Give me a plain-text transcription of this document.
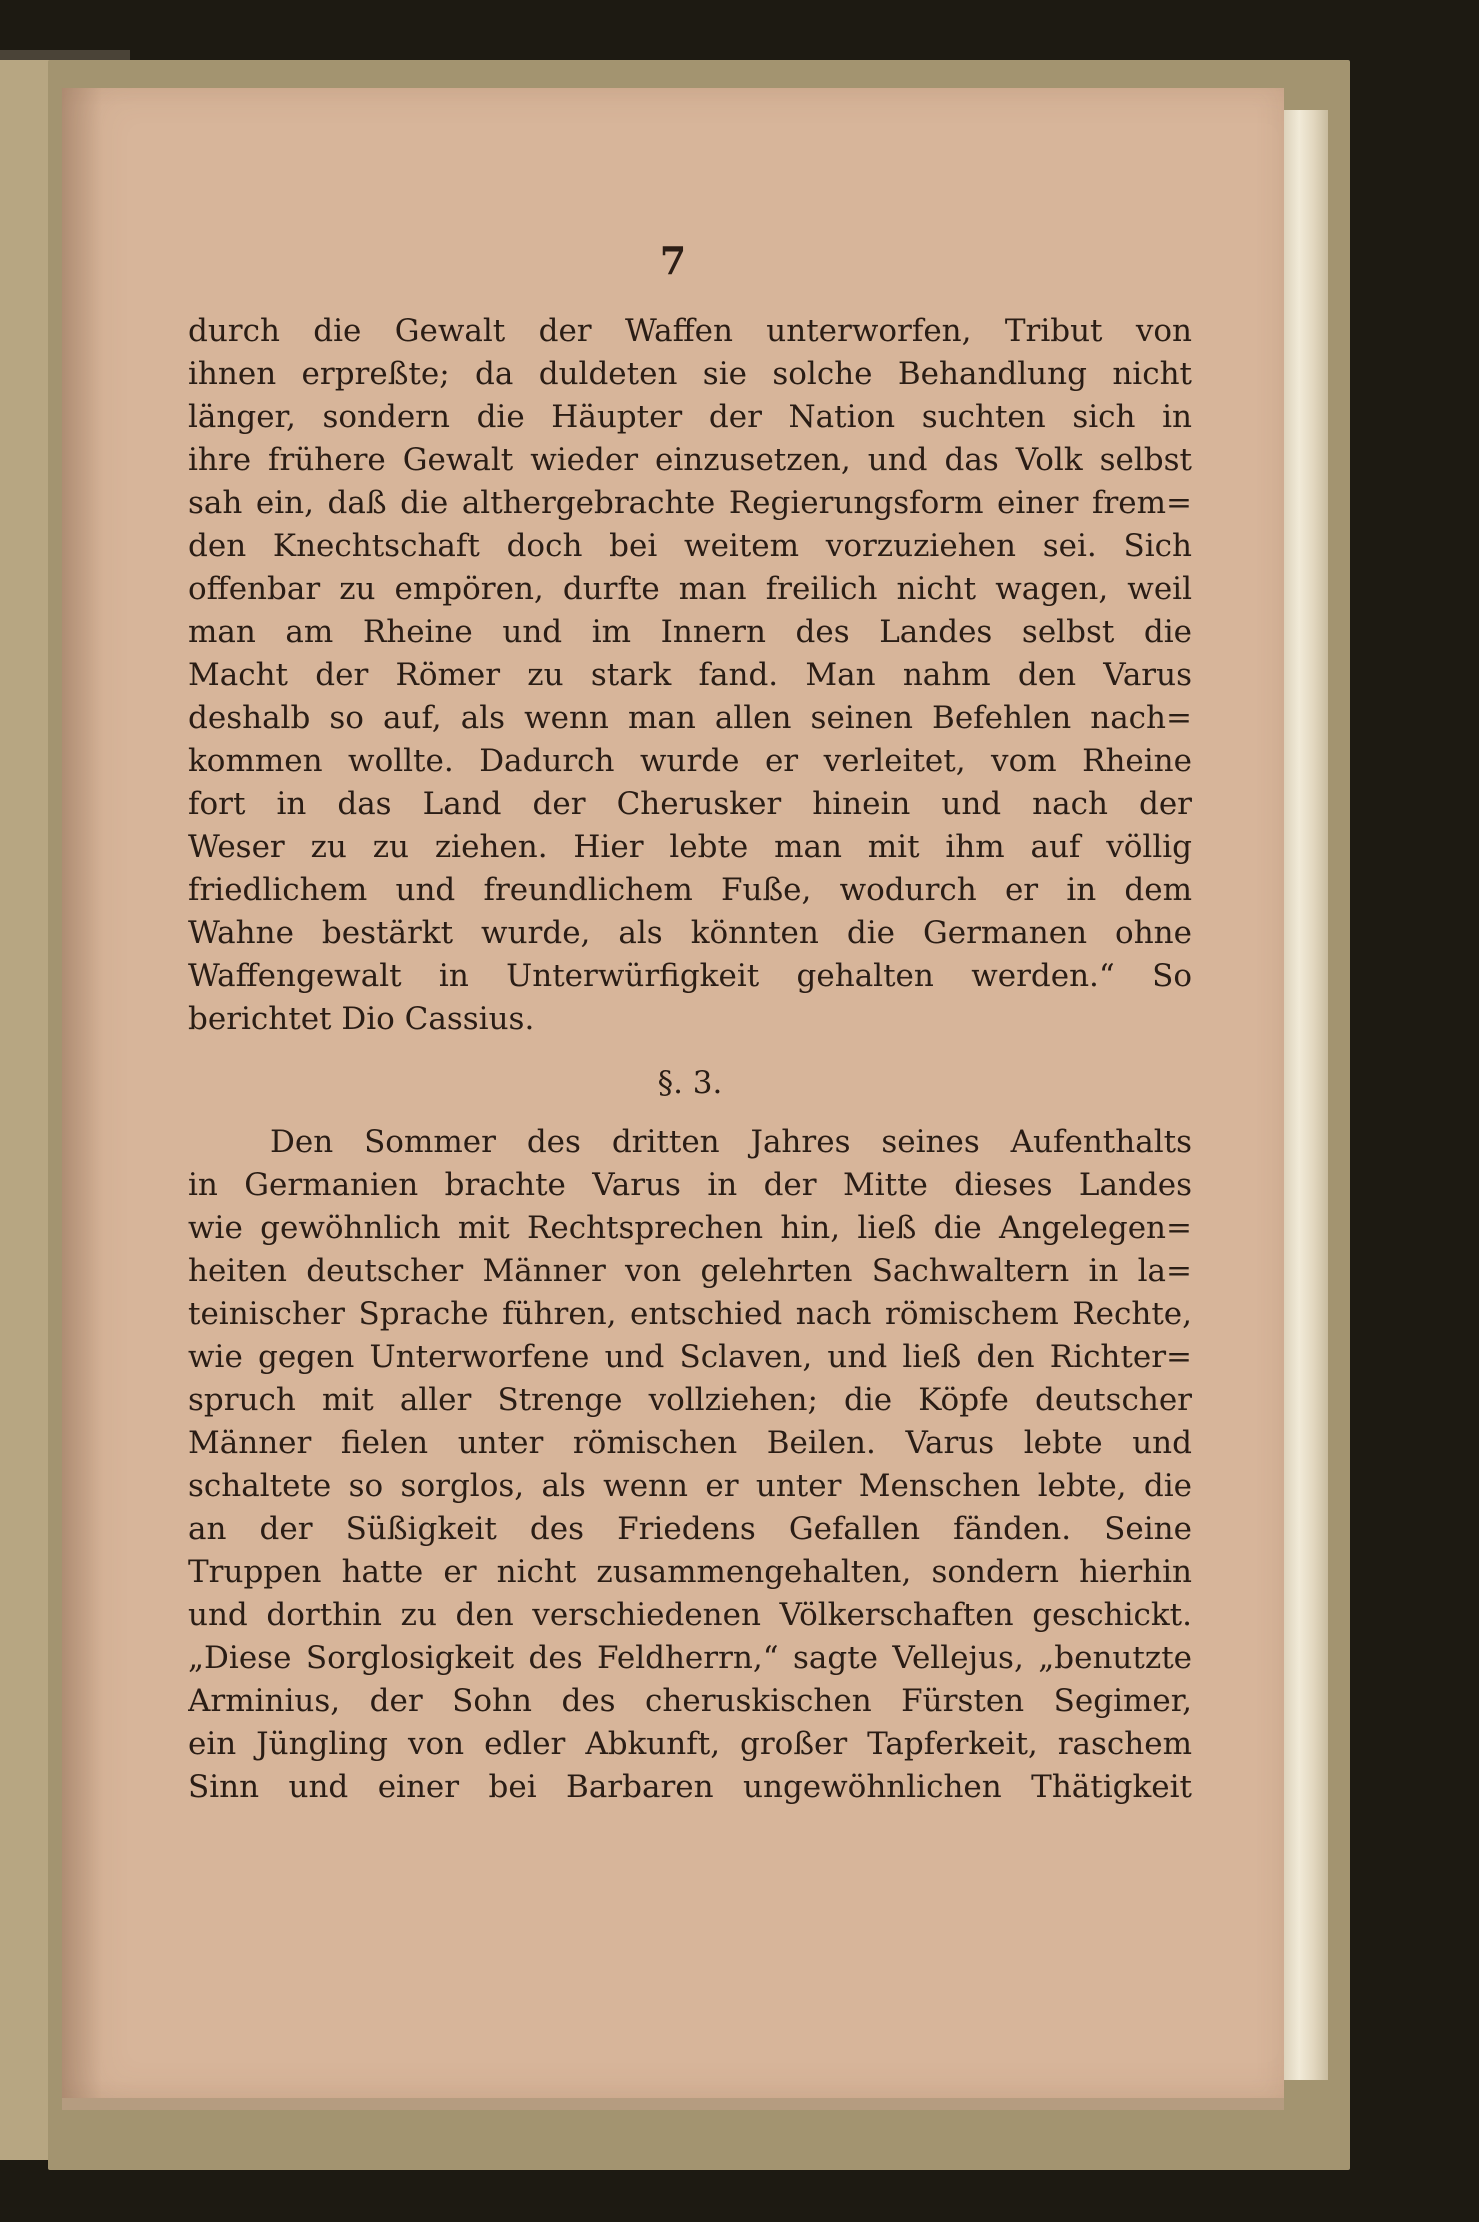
7
durch die Gewalt der Waffen unterworfen, Tribut von
ihnen erpreßte; da duldeten sie solche Behandlung nicht
länger, sondern die Häupter der Nation suchten sich in
ihre frühere Gewalt wieder einzusetzen, und das Volk selbst
sah ein, daß die althergebrachte Regierungsform einer frem=
den Knechtschaft doch bei weitem vorzuziehen sei. Sich
offenbar zu empören, durfte man freilich nicht wagen, weil
man am Rheine und im Innern des Landes selbst die
Macht der Römer zu stark fand. Man nahm den Varus
deshalb so auf, als wenn man allen seinen Befehlen nach=
kommen wollte. Dadurch wurde er verleitet, vom Rheine
fort in das Land der Cherusker hinein und nach der
Weser zu zu ziehen. Hier lebte man mit ihm auf völlig
friedlichem und freundlichem Fuße, wodurch er in dem
Wahne bestärkt wurde, als könnten die Germanen ohne
Waffengewalt in Unterwürfigkeit gehalten werden.“ So
berichtet Dio Cassius.
§. 3.
Den Sommer des dritten Jahres seines Aufenthalts
in Germanien brachte Varus in der Mitte dieses Landes
wie gewöhnlich mit Rechtsprechen hin, ließ die Angelegen=
heiten deutscher Männer von gelehrten Sachwaltern in la=
teinischer Sprache führen, entschied nach römischem Rechte,
wie gegen Unterworfene und Sclaven, und ließ den Richter=
spruch mit aller Strenge vollziehen; die Köpfe deutscher
Männer fielen unter römischen Beilen. Varus lebte und
schaltete so sorglos, als wenn er unter Menschen lebte, die
an der Süßigkeit des Friedens Gefallen fänden. Seine
Truppen hatte er nicht zusammengehalten, sondern hierhin
und dorthin zu den verschiedenen Völkerschaften geschickt.
„Diese Sorglosigkeit des Feldherrn,“ sagte Vellejus, „benutzte
Arminius, der Sohn des cheruskischen Fürsten Segimer,
ein Jüngling von edler Abkunft, großer Tapferkeit, raschem
Sinn und einer bei Barbaren ungewöhnlichen Thätigkeit
